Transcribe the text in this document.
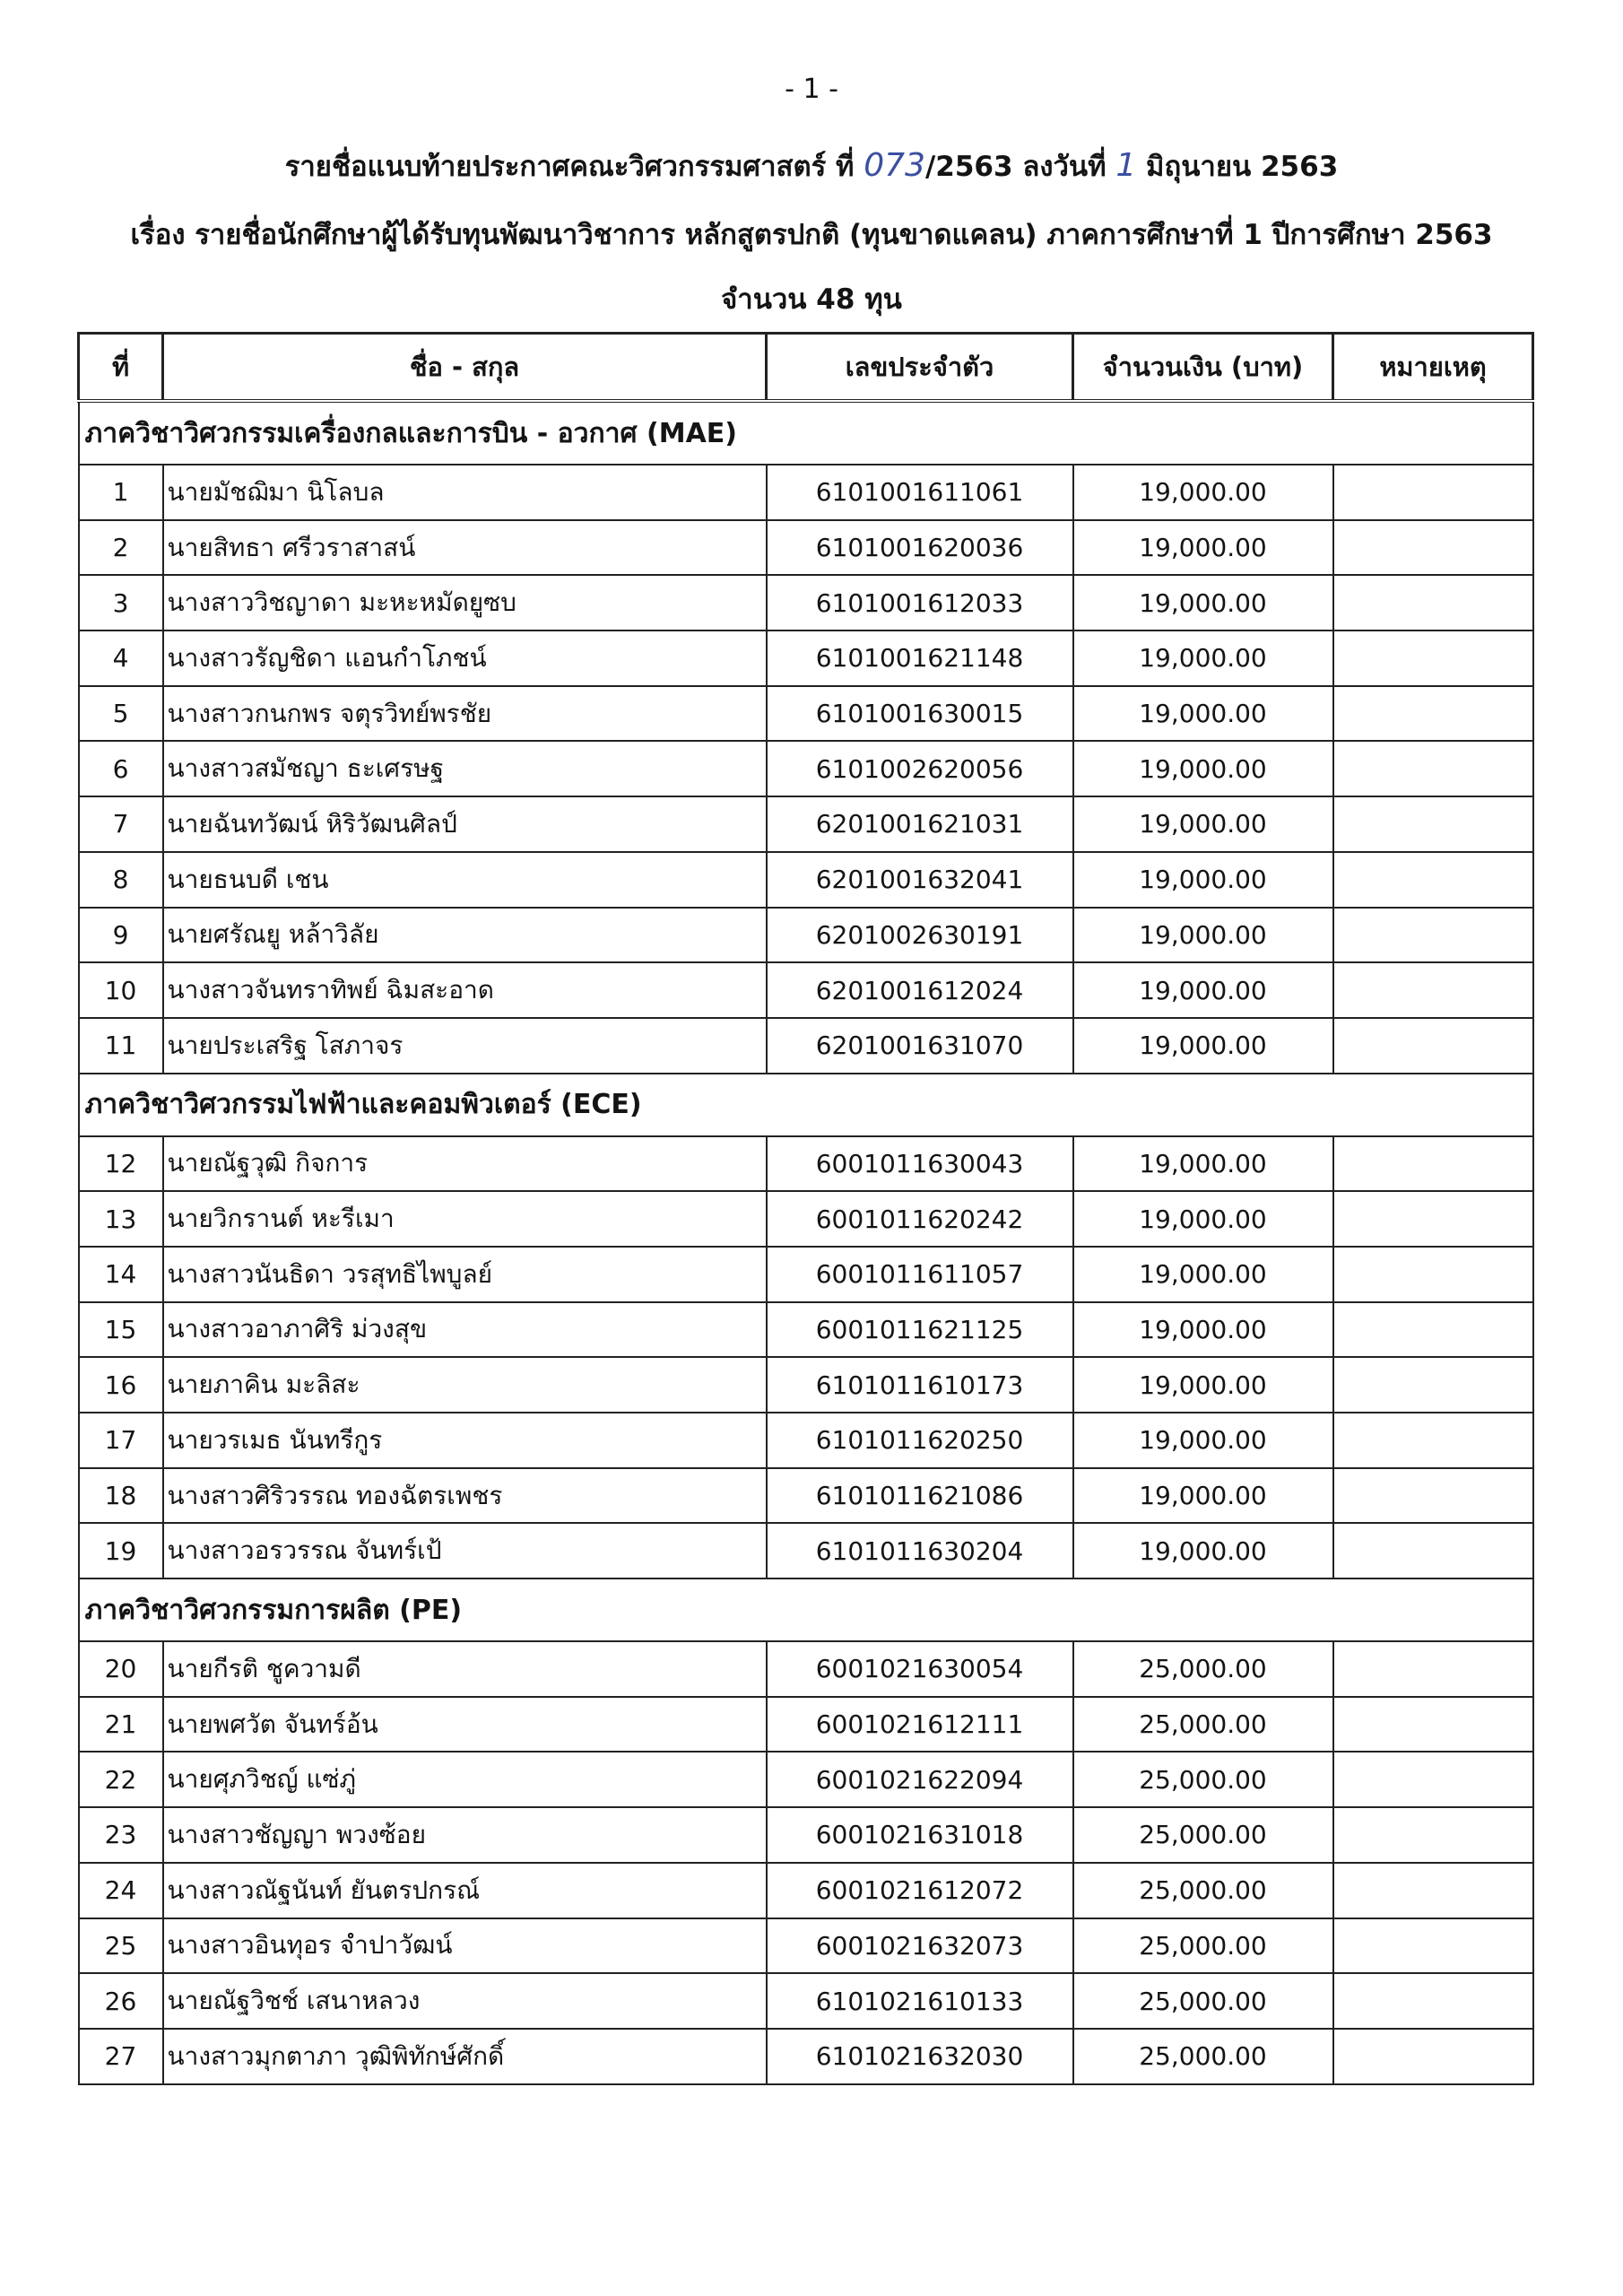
- 1 -
รายชื่อแนบท้ายประกาศคณะวิศวกรรมศาสตร์ ที่ 073/2563 ลงวันที่ 1 มิถุนายน 2563
เรื่อง รายชื่อนักศึกษาผู้ได้รับทุนพัฒนาวิชาการ หลักสูตรปกติ (ทุนขาดแคลน) ภาคการศึกษาที่ 1 ปีการศึกษา 2563
จำนวน 48 ทุน
ที่	ชื่อ - สกุล	เลขประจำตัว	จำนวนเงิน (บาท)	หมายเหตุ
ภาควิชาวิศวกรรมเครื่องกลและการบิน - อวกาศ (MAE)				
1	นายมัชฌิมา นิโลบล	6101001611061	19,000.00	
2	นายสิทธา ศรีวราสาสน์	6101001620036	19,000.00	
3	นางสาววิชญาดา มะหะหมัดยูซบ	6101001612033	19,000.00	
4	นางสาวรัญชิดา แอนกำโภชน์	6101001621148	19,000.00	
5	นางสาวกนกพร จตุรวิทย์พรชัย	6101001630015	19,000.00	
6	นางสาวสมัชญา ธะเศรษฐ	6101002620056	19,000.00	
7	นายฉันทวัฒน์ หิริวัฒนศิลป์	6201001621031	19,000.00	
8	นายธนบดี เชน	6201001632041	19,000.00	
9	นายศรัณยู หล้าวิลัย	6201002630191	19,000.00	
10	นางสาวจันทราทิพย์ ฉิมสะอาด	6201001612024	19,000.00	
11	นายประเสริฐ โสภาจร	6201001631070	19,000.00	
ภาควิชาวิศวกรรมไฟฟ้าและคอมพิวเตอร์ (ECE)				
12	นายณัฐวุฒิ กิจการ	6001011630043	19,000.00	
13	นายวิกรานต์ หะรีเมา	6001011620242	19,000.00	
14	นางสาวนันธิดา วรสุทธิไพบูลย์	6001011611057	19,000.00	
15	นางสาวอาภาศิริ ม่วงสุข	6001011621125	19,000.00	
16	นายภาคิน มะลิสะ	6101011610173	19,000.00	
17	นายวรเมธ นันทรีกูร	6101011620250	19,000.00	
18	นางสาวศิริวรรณ ทองฉัตรเพชร	6101011621086	19,000.00	
19	นางสาวอรวรรณ จันทร์เป้	6101011630204	19,000.00	
ภาควิชาวิศวกรรมการผลิต (PE)				
20	นายกีรติ ชูความดี	6001021630054	25,000.00	
21	นายพศวัต จันทร์อ้น	6001021612111	25,000.00	
22	นายศุภวิชญ์ แซ่ภู่	6001021622094	25,000.00	
23	นางสาวชัญญา พวงซ้อย	6001021631018	25,000.00	
24	นางสาวณัฐนันท์ ยันตรปกรณ์	6001021612072	25,000.00	
25	นางสาวอินทุอร จำปาวัฒน์	6001021632073	25,000.00	
26	นายณัฐวิชช์ เสนาหลวง	6101021610133	25,000.00	
27	นางสาวมุกตาภา วุฒิพิทักษ์ศักดิ์	6101021632030	25,000.00	
